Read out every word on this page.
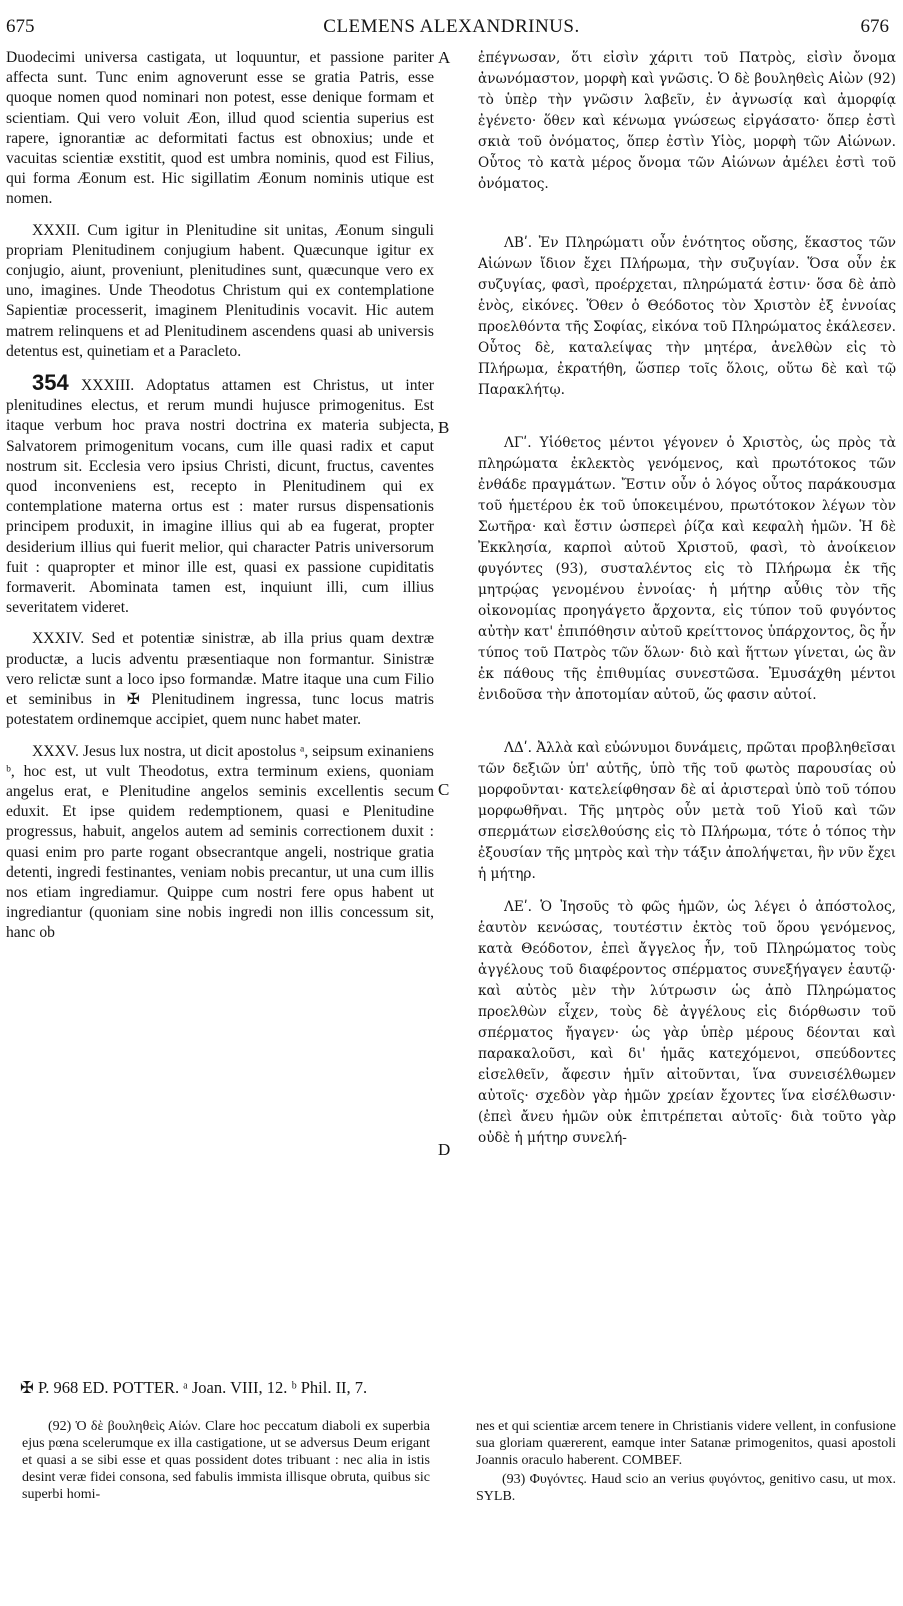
675	CLEMENS ALEXANDRINUS.	676
A
B
C
D

Duodecimi universa castigata, ut loquuntur, et passione pariter affecta sunt. Tunc enim agnoverunt esse se gratia Patris, esse quoque nomen quod nominari non potest, esse denique formam et scientiam. Qui vero voluit Æon, illud quod scientia superius est rapere, ignorantiæ ac deformitati factus est obnoxius; unde et vacuitas scientiæ exstitit, quod est umbra nominis, quod est Filius, qui forma Æonum est. Hic sigillatim Æonum nominis utique est nomen.

XXXII. Cum igitur in Plenitudine sit unitas, Æonum singuli propriam Plenitudinem conjugium habent. Quæcunque igitur ex conjugio, aiunt, proveniunt, plenitudines sunt, quæcunque vero ex uno, imagines. Unde Theodotus Christum qui ex contemplatione Sapientiæ processerit, imaginem Plenitudinis vocavit. Hic autem matrem relinquens et ad Plenitudinem ascendens quasi ab universis detentus est, quinetiam et a Paracleto.

354 XXXIII. Adoptatus attamen est Christus, ut inter plenitudines electus, et rerum mundi hujusce primogenitus. Est itaque verbum hoc prava nostri doctrina ex materia subjecta, Salvatorem primogenitum vocans, cum ille quasi radix et caput nostrum sit. Ecclesia vero ipsius Christi, dicunt, fructus, caventes quod inconveniens est, recepto in Plenitudinem qui ex contemplatione materna ortus est : mater rursus dispensationis principem produxit, in imagine illius qui ab ea fugerat, propter desiderium illius qui fuerit melior, qui character Patris universorum fuit : quapropter et minor ille est, quasi ex passione cupiditatis formaverit. Abominata tamen est, inquiunt illi, cum illius severitatem videret.

XXXIV. Sed et potentiæ sinistræ, ab illa prius quam dextræ productæ, a lucis adventu præsentiaque non formantur. Sinistræ vero relictæ sunt a loco ipso formandæ. Matre itaque una cum Filio et seminibus in ✠ Plenitudinem ingressa, tunc locus matris potestatem ordinemque accipiet, quem nunc habet mater.

XXXV. Jesus lux nostra, ut dicit apostolus ᵃ, seipsum exinaniens ᵇ, hoc est, ut vult Theodotus, extra terminum exiens, quoniam angelus erat, e Plenitudine angelos seminis excellentis secum eduxit. Et ipse quidem redemptionem, quasi e Plenitudine progressus, habuit, angelos autem ad seminis correctionem duxit : quasi enim pro parte rogant obsecrantque angeli, nostrique gratia detenti, ingredi festinantes, veniam nobis precantur, ut una cum illis nos etiam ingrediamur. Quippe cum nostri fere opus habent ut ingrediantur (quoniam sine nobis ingredi non illis concessum sit, hanc ob

ἐπέγνωσαν, ὅτι εἰσὶν χάριτι τοῦ Πατρὸς, εἰσὶν ὄνομα ἀνωνόμαστον, μορφὴ καὶ γνῶσις. Ὁ δὲ βουληθεὶς Αἰὼν (92) τὸ ὑπὲρ τὴν γνῶσιν λαβεῖν, ἐν ἀγνωσίᾳ καὶ ἀμορφίᾳ ἐγένετο· ὅθεν καὶ κένωμα γνώσεως εἰργάσατο· ὅπερ ἐστὶ σκιὰ τοῦ ὀνόματος, ὅπερ ἐστὶν Υἱὸς, μορφὴ τῶν Αἰώνων. Οὗτος τὸ κατὰ μέρος ὄνομα τῶν Αἰώνων ἀμέλει ἐστὶ τοῦ ὀνόματος.

ΛΒʹ. Ἐν Πληρώματι οὖν ἑνότητος οὔσης, ἕκαστος τῶν Αἰώνων ἴδιον ἔχει Πλήρωμα, τὴν συζυγίαν. Ὅσα οὖν ἐκ συζυγίας, φασὶ, προέρχεται, πληρώματά ἐστιν· ὅσα δὲ ἀπὸ ἑνὸς, εἰκόνες. Ὅθεν ὁ Θεόδοτος τὸν Χριστὸν ἐξ ἐννοίας προελθόντα τῆς Σοφίας, εἰκόνα τοῦ Πληρώματος ἐκάλεσεν. Οὗτος δὲ, καταλείψας τὴν μητέρα, ἀνελθὼν εἰς τὸ Πλήρωμα, ἐκρατήθη, ὥσπερ τοῖς ὅλοις, οὕτω δὲ καὶ τῷ Παρακλήτῳ.

ΛΓʹ. Υἱόθετος μέντοι γέγονεν ὁ Χριστὸς, ὡς πρὸς τὰ πληρώματα ἐκλεκτὸς γενόμενος, καὶ πρωτότοκος τῶν ἐνθάδε πραγμάτων. Ἔστιν οὖν ὁ λόγος οὗτος παράκουσμα τοῦ ἡμετέρου ἐκ τοῦ ὑποκειμένου, πρωτότοκον λέγων τὸν Σωτῆρα· καὶ ἔστιν ὡσπερεὶ ῥίζα καὶ κεφαλὴ ἡμῶν. Ἡ δὲ Ἐκκλησία, καρποὶ αὐτοῦ Χριστοῦ, φασὶ, τὸ ἀνοίκειον φυγόντες (93), συσταλέντος εἰς τὸ Πλήρωμα ἐκ τῆς μητρῴας γενομένου ἐννοίας· ἡ μήτηρ αὖθις τὸν τῆς οἰκονομίας προηγάγετο ἄρχοντα, εἰς τύπον τοῦ φυγόντος αὐτὴν κατ' ἐπιπόθησιν αὐτοῦ κρείττονος ὑπάρχοντος, ὃς ἦν τύπος τοῦ Πατρὸς τῶν ὅλων· διὸ καὶ ἥττων γίνεται, ὡς ἂν ἐκ πάθους τῆς ἐπιθυμίας συνεστῶσα. Ἐμυσάχθη μέντοι ἐνιδοῦσα τὴν ἀποτομίαν αὐτοῦ, ὥς φασιν αὐτοί.

ΛΔʹ. Ἀλλὰ καὶ εὐώνυμοι δυνάμεις, πρῶται προβληθεῖσαι τῶν δεξιῶν ὑπ' αὐτῆς, ὑπὸ τῆς τοῦ φωτὸς παρουσίας οὐ μορφοῦνται· κατελείφθησαν δὲ αἱ ἀριστεραὶ ὑπὸ τοῦ τόπου μορφωθῆναι. Τῆς μητρὸς οὖν μετὰ τοῦ Υἱοῦ καὶ τῶν σπερμάτων εἰσελθούσης εἰς τὸ Πλήρωμα, τότε ὁ τόπος τὴν ἐξουσίαν τῆς μητρὸς καὶ τὴν τάξιν ἀπολήψεται, ἣν νῦν ἔχει ἡ μήτηρ.

ΛΕʹ. Ὁ Ἰησοῦς τὸ φῶς ἡμῶν, ὡς λέγει ὁ ἀπόστολος, ἑαυτὸν κενώσας, τουτέστιν ἐκτὸς τοῦ ὅρου γενόμενος, κατὰ Θεόδοτον, ἐπεὶ ἄγγελος ἦν, τοῦ Πληρώματος τοὺς ἀγγέλους τοῦ διαφέροντος σπέρματος συνεξήγαγεν ἑαυτῷ· καὶ αὐτὸς μὲν τὴν λύτρωσιν ὡς ἀπὸ Πληρώματος προελθὼν εἶχεν, τοὺς δὲ ἀγγέλους εἰς διόρθωσιν τοῦ σπέρματος ἤγαγεν· ὡς γὰρ ὑπὲρ μέρους δέονται καὶ παρακαλοῦσι, καὶ δι' ἡμᾶς κατεχόμενοι, σπεύδοντες εἰσελθεῖν, ἄφεσιν ἡμῖν αἰτοῦνται, ἵνα συνεισέλθωμεν αὐτοῖς· σχεδὸν γὰρ ἡμῶν χρείαν ἔχοντες ἵνα εἰσέλθωσιν· (ἐπεὶ ἄνευ ἡμῶν οὐκ ἐπιτρέπεται αὐτοῖς· διὰ τοῦτο γὰρ οὐδὲ ἡ μήτηρ συνελή-

✠ P. 968 ED. POTTER. ᵃ Joan. VIII, 12. ᵇ Phil. II, 7.

(92) Ὁ δὲ βουληθεὶς Αἰών. Clare hoc peccatum diaboli ex superbia ejus pœna scelerumque ex illa castigatione, ut se adversus Deum erigant et quasi a se sibi esse et quas possident dotes tribuant : nec alia in istis desint veræ fidei consona, sed fabulis immista illisque obruta, quibus sic superbi homi-

nes et qui scientiæ arcem tenere in Christianis videre vellent, in confusione sua gloriam quærerent, eamque inter Satanæ primogenitos, quasi apostoli Joannis oraculo haberent. COMBEF.

(93) Φυγόντες. Haud scio an verius φυγόντος, genitivo casu, ut mox. SYLB.
